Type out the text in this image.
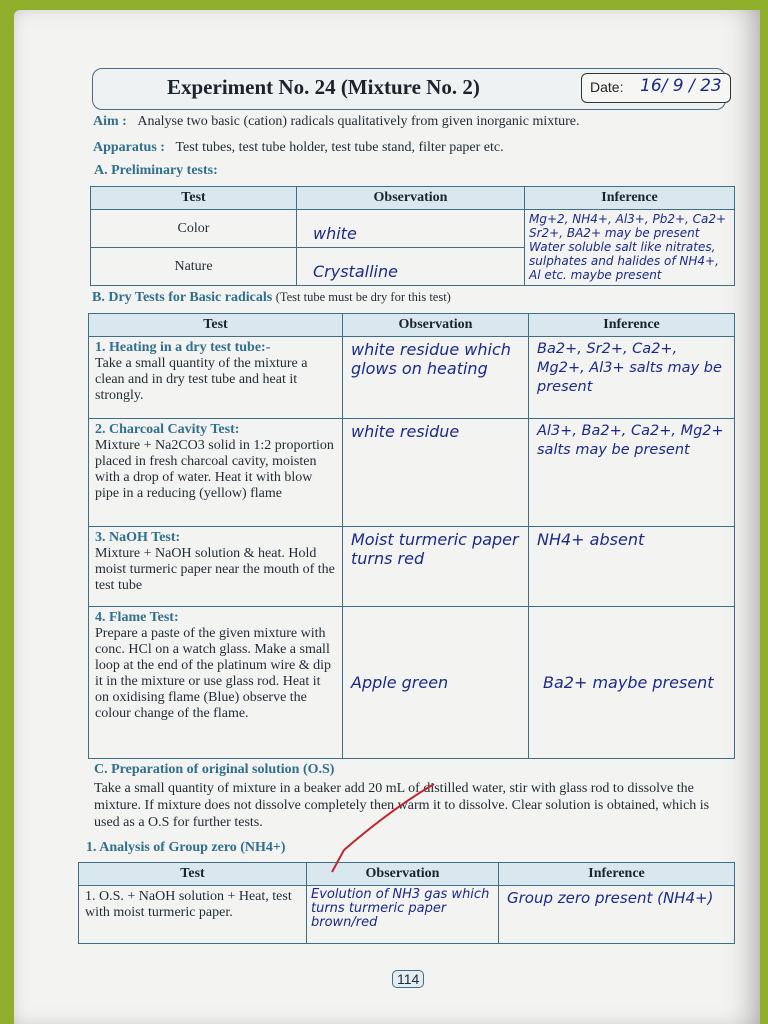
Experiment No. 24 (Mixture No. 2)	Date: 16/ 9 / 23
Aim : Analyse two basic (cation) radicals qualitatively from given inorganic mixture.
Apparatus : Test tubes, test tube holder, test tube stand, filter paper etc.
A. Preliminary tests:
Test	Observation	Inference
Color	white	Mg+2, NH4+, Al3+, Pb2+, Ca2+ Sr2+, BA2+ may be present Water soluble salt like nitrates, sulphates and halides of NH4+, Al etc. maybe present

Nature	Crystalline	
B. Dry Tests for Basic radicals (Test tube must be dry for this test)
Test	Observation	Inference

1. Heating in a dry test tube:-
Take a small quantity of the mixture a clean and in dry test tube and heat it strongly.	white residue which glows on heating	Ba2+, Sr2+, Ca2+, Mg2+, Al3+ salts may be present

2. Charcoal Cavity Test:
Mixture + Na2CO3 solid in 1:2 proportion placed in fresh charcoal cavity, moisten with a drop of water. Heat it with blow pipe in a reducing (yellow) flame	white residue	Al3+, Ba2+, Ca2+, Mg2+ salts may be present

3. NaOH Test:
Mixture + NaOH solution & heat. Hold moist turmeric paper near the mouth of the test tube	Moist turmeric paper turns red	NH4+ absent

4. Flame Test:
Prepare a paste of the given mixture with conc. HCl on a watch glass. Make a small loop at the end of the platinum wire & dip it in the mixture or use glass rod. Heat it on oxidising flame (Blue) observe the colour change of the flame.	Apple green	Ba2+ maybe present
C. Preparation of original solution (O.S)
Take a small quantity of mixture in a beaker add 20 mL of distilled water, stir with glass rod to dissolve the mixture. If mixture does not dissolve completely then warm it to dissolve. Clear solution is obtained, which is used as a O.S for further tests.
1. Analysis of Group zero (NH4+)
Test	Observation	Inference

1. O.S. + NaOH solution + Heat, test with moist turmeric paper.	Evolution of NH3 gas which turns turmeric paper brown/red	Group zero present (NH4+)
114
